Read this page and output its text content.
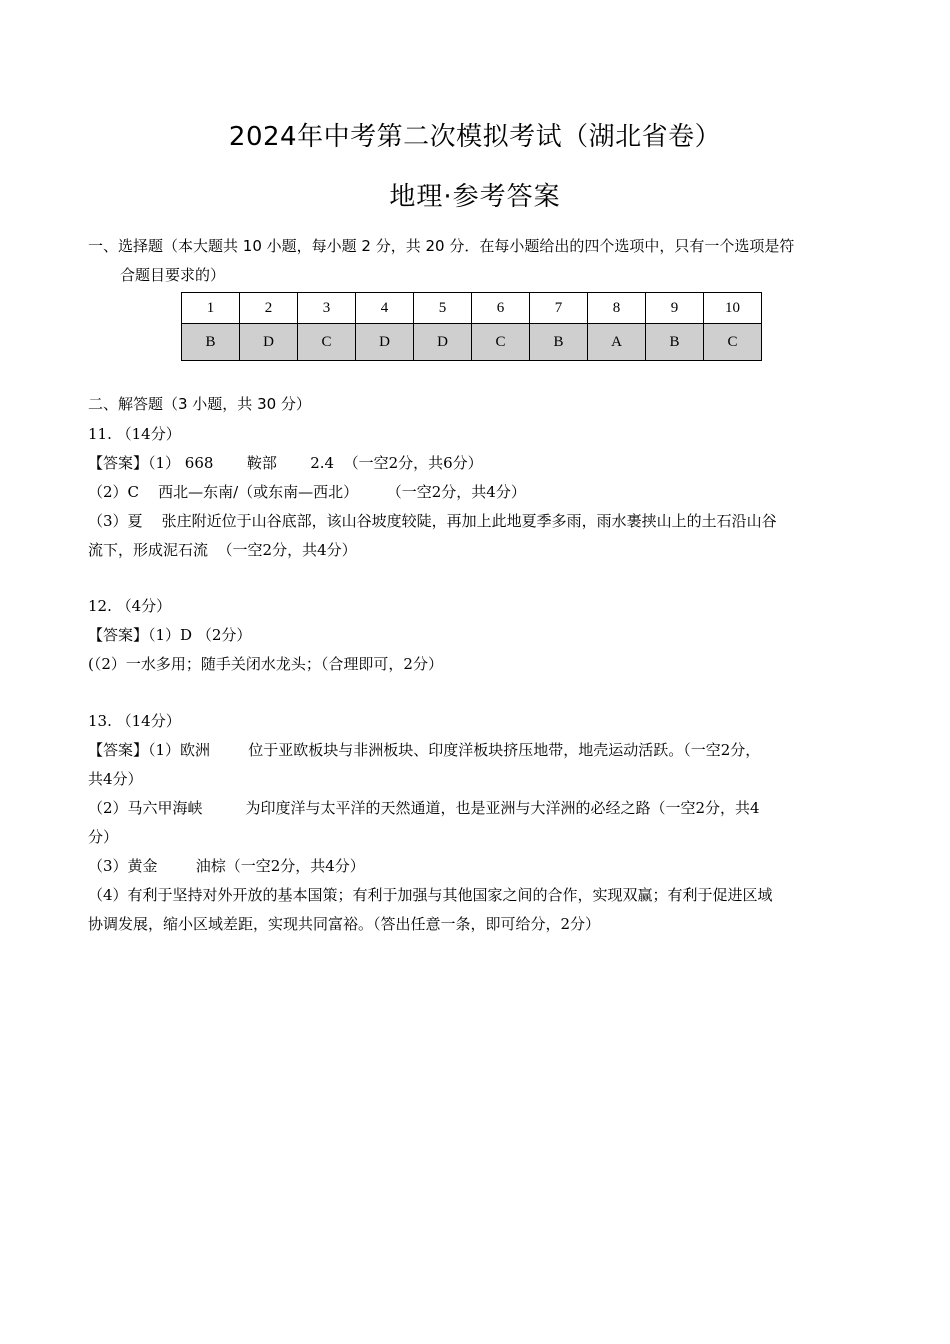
2024年中考第二次模拟考试（湖北省卷）
地理·参考答案
一、选择题（本大题共 10 小题，每小题 2 分，共 20 分．在每小题给出的四个选项中，只有一个选项是符
合题目要求的）
1	2	3	4	5	6	7	8	9	10
B	D	C	D	D	C	B	A	B	C
二、解答题（3 小题，共 30 分）
11. （14分）
【答案】（1） 668       鞍部       2.4  （一空2分，共6分）
（2）C    西北—东南/（或东南—西北）      （一空2分，共4分）
（3）夏    张庄附近位于山谷底部，该山谷坡度较陡，再加上此地夏季多雨，雨水裹挟山上的土石沿山谷
流下，形成泥石流  （一空2分，共4分）
12. （4分）
【答案】（1）D （2分）
(（2）一水多用；随手关闭水龙头；（合理即可，2分）
13. （14分）
【答案】（1）欧洲        位于亚欧板块与非洲板块、印度洋板块挤压地带，地壳运动活跃。（一空2分，
共4分）
（2）马六甲海峡         为印度洋与太平洋的天然通道，也是亚洲与大洋洲的必经之路（一空2分，共4
分）
（3）黄金        油棕（一空2分，共4分）
（4）有利于坚持对外开放的基本国策；有利于加强与其他国家之间的合作，实现双赢；有利于促进区域
协调发展，缩小区域差距，实现共同富裕。（答出任意一条，即可给分，2分）
